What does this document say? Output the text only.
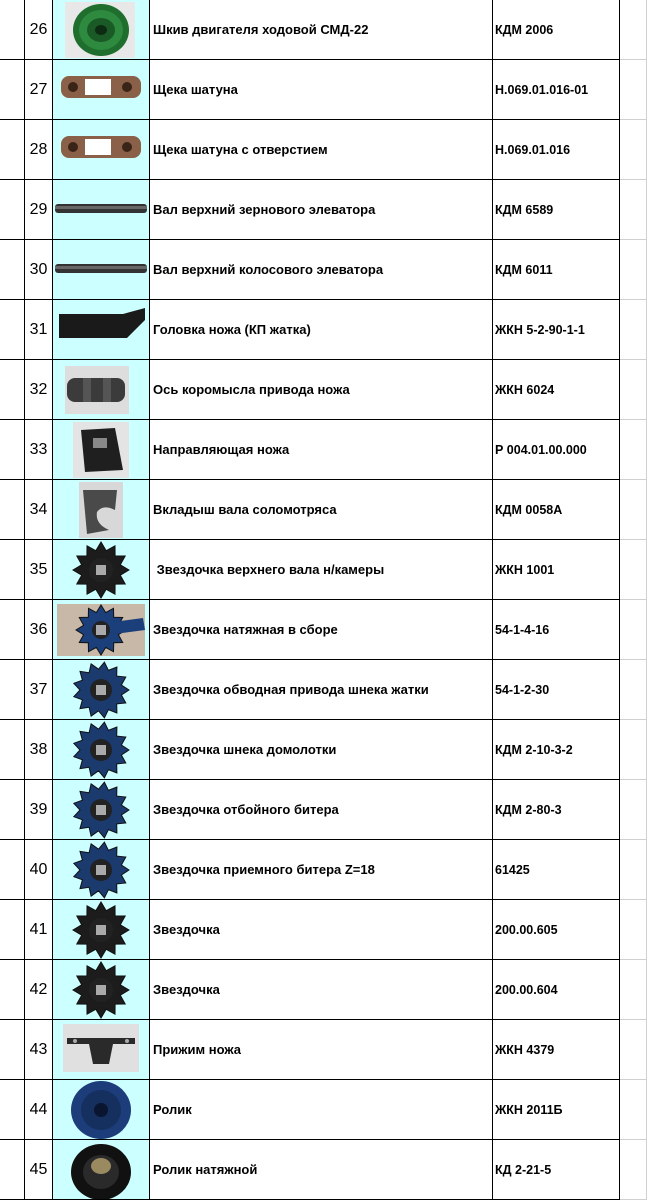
26	Шкив двигателя ходовой СМД-22	КДМ 2006
27	Щека шатуна	Н.069.01.016-01
28	Щека шатуна с отверстием	Н.069.01.016
29	Вал верхний зернового элеватора	КДМ 6589
30	Вал верхний колосового элеватора	КДМ 6011
31	Головка ножа (КП жатка)	ЖКН 5-2-90-1-1
32	Ось коромысла привода ножа	ЖКН 6024
33	Направляющая ножа	Р 004.01.00.000
34	Вкладыш вала соломотряса	КДМ 0058А
35	Звездочка верхнего вала н/камеры	ЖКН 1001
36	Звездочка натяжная в сборе	54-1-4-16
37	Звездочка обводная привода шнека жатки	54-1-2-30
38	Звездочка шнека домолотки	КДМ 2-10-3-2
39	Звездочка отбойного битера	КДМ 2-80-3
40	Звездочка приемного битера Z=18	61425
41	Звездочка	200.00.605
42	Звездочка	200.00.604
43	Прижим ножа	ЖКН 4379
44	Ролик	ЖКН 2011Б
45	Ролик натяжной	КД 2-21-5
